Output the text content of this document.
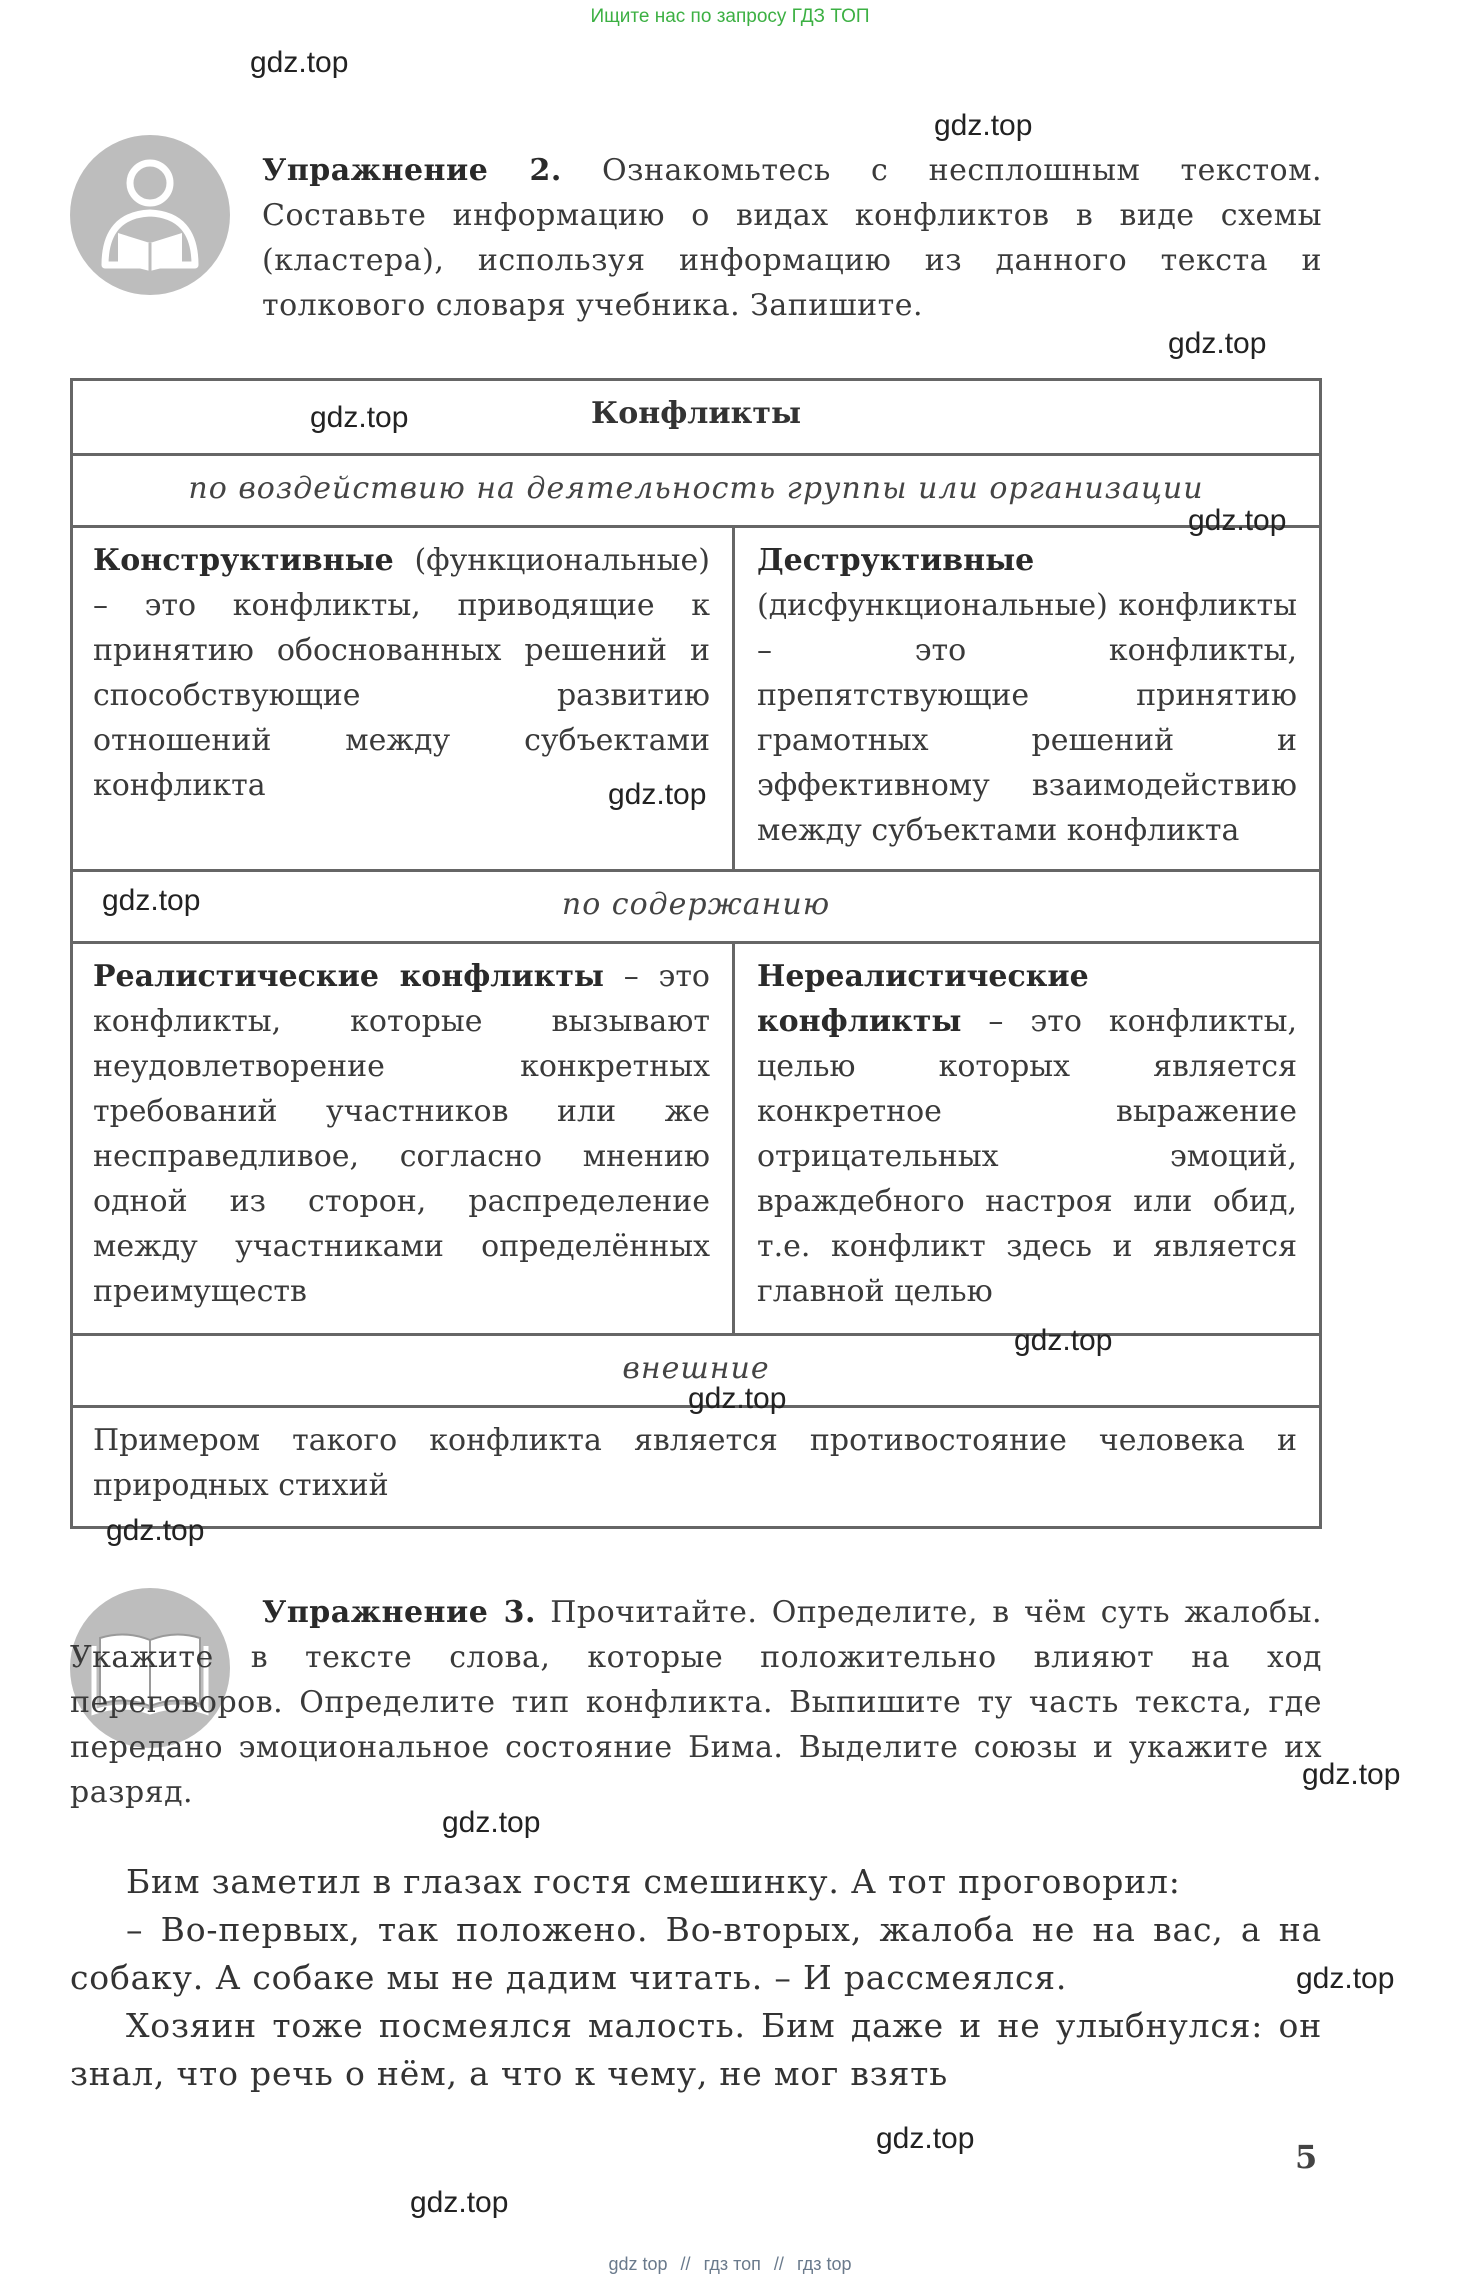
Ищите нас по запросу ГДЗ ТОП
Упражнение 2. Ознакомьтесь с несплошным текстом. Составьте информацию о видах конфликтов в виде схемы (кластера), используя информацию из данного текста и толкового словаря учебника. Запишите.
Конфликты
по воздействию на деятельность группы или организации
Конструктивные (функциональные) – это конфликты, приводящие к принятию обоснованных решений и способствующие развитию отношений между субъектами конфликта
Деструктивные (дисфункциональные) конфликты – это конфликты, препятствующие принятию грамотных решений и эффективному взаимодействию между субъектами конфликта
по содержанию
Реалистические конфликты – это конфликты, которые вызывают неудовлетворение конкретных требований участников или же несправедливое, согласно мнению одной из сторон, распределение между участниками определённых преимуществ
Нереалистические конфликты – это конфликты, целью которых является конкретное выражение отрицательных эмоций, враждебного настроя или обид, т.е. конфликт здесь и является главной целью
внешние
Примером такого конфликта является противостояние человека и природных стихий
Упражнение 3. Прочитайте. Определите, в чём суть жалобы. Укажите в тексте слова, которые положительно влияют на ход переговоров. Определите тип конфликта. Выпишите ту часть текста, где передано эмоциональное состояние Бима. Выделите союзы и укажите их разряд.
Бим заметил в глазах гостя смешинку. А тот проговорил:
– Во-первых, так положено. Во-вторых, жалоба не на вас, а на собаку. А собаке мы не дадим читать. – И рассмеялся.
Хозяин тоже посмеялся малость. Бим даже и не улыбнулся: он знал, что речь о нём, а что к чему, не мог взять
5
gdz.top
gdz.top
gdz.top
gdz.top
gdz.top
gdz.top
gdz.top
gdz.top
gdz.top
gdz.top
gdz.top
gdz.top
gdz.top
gdz.top
gdz.top
gdz top // гдз топ // гдз top
